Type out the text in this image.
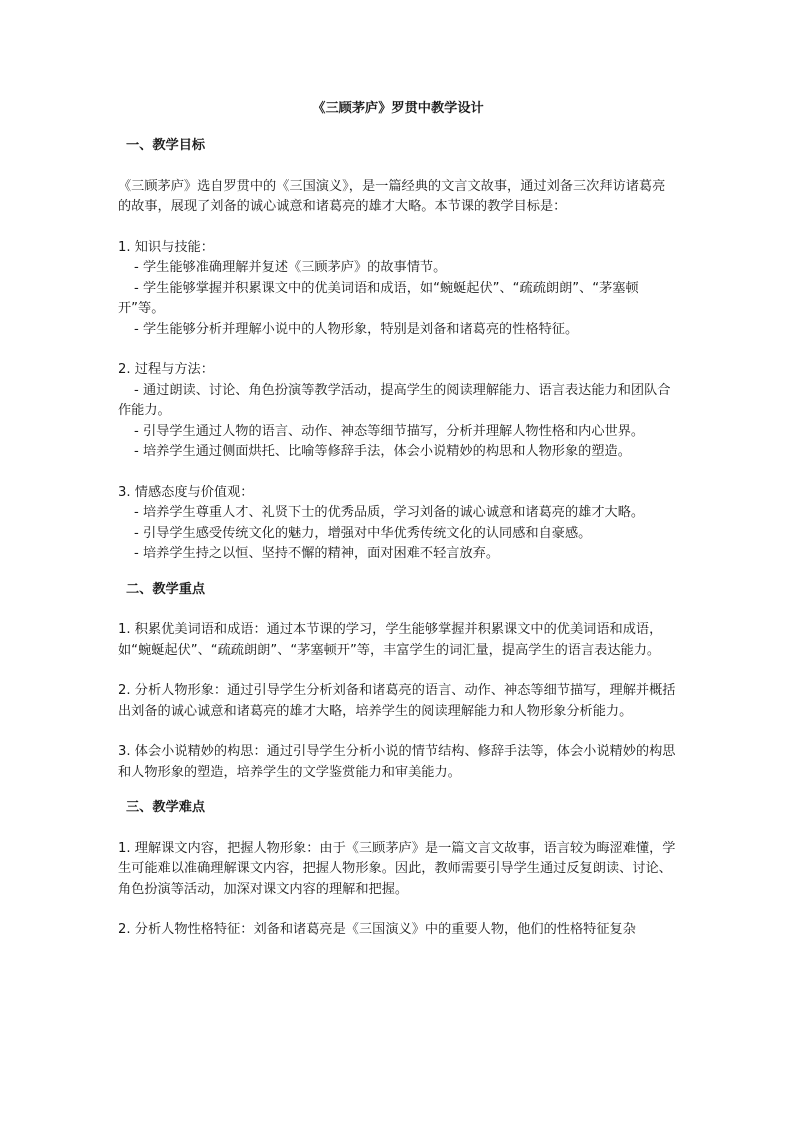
《三顾茅庐》罗贯中教学设计
一、教学目标

《三顾茅庐》选自罗贯中的《三国演义》，是一篇经典的文言文故事，通过刘备三次拜访诸葛亮的故事，展现了刘备的诚心诚意和诸葛亮的雄才大略。本节课的教学目标是：

1. 知识与技能：

- 学生能够准确理解并复述《三顾茅庐》的故事情节。

- 学生能够掌握并积累课文中的优美词语和成语，如“蜿蜒起伏”、“疏疏朗朗”、“茅塞顿开”等。

- 学生能够分析并理解小说中的人物形象，特别是刘备和诸葛亮的性格特征。

2. 过程与方法：

- 通过朗读、讨论、角色扮演等教学活动，提高学生的阅读理解能力、语言表达能力和团队合作能力。

- 引导学生通过人物的语言、动作、神态等细节描写，分析并理解人物性格和内心世界。

- 培养学生通过侧面烘托、比喻等修辞手法，体会小说精妙的构思和人物形象的塑造。

3. 情感态度与价值观：

- 培养学生尊重人才、礼贤下士的优秀品质，学习刘备的诚心诚意和诸葛亮的雄才大略。

- 引导学生感受传统文化的魅力，增强对中华优秀传统文化的认同感和自豪感。

- 培养学生持之以恒、坚持不懈的精神，面对困难不轻言放弃。

二、教学重点

1. 积累优美词语和成语：通过本节课的学习，学生能够掌握并积累课文中的优美词语和成语，如“蜿蜒起伏”、“疏疏朗朗”、“茅塞顿开”等，丰富学生的词汇量，提高学生的语言表达能力。

2. 分析人物形象：通过引导学生分析刘备和诸葛亮的语言、动作、神态等细节描写，理解并概括出刘备的诚心诚意和诸葛亮的雄才大略，培养学生的阅读理解能力和人物形象分析能力。

3. 体会小说精妙的构思：通过引导学生分析小说的情节结构、修辞手法等，体会小说精妙的构思和人物形象的塑造，培养学生的文学鉴赏能力和审美能力。

三、教学难点

1. 理解课文内容，把握人物形象：由于《三顾茅庐》是一篇文言文故事，语言较为晦涩难懂，学生可能难以准确理解课文内容，把握人物形象。因此，教师需要引导学生通过反复朗读、讨论、角色扮演等活动，加深对课文内容的理解和把握。

2. 分析人物性格特征：刘备和诸葛亮是《三国演义》中的重要人物，他们的性格特征复杂
